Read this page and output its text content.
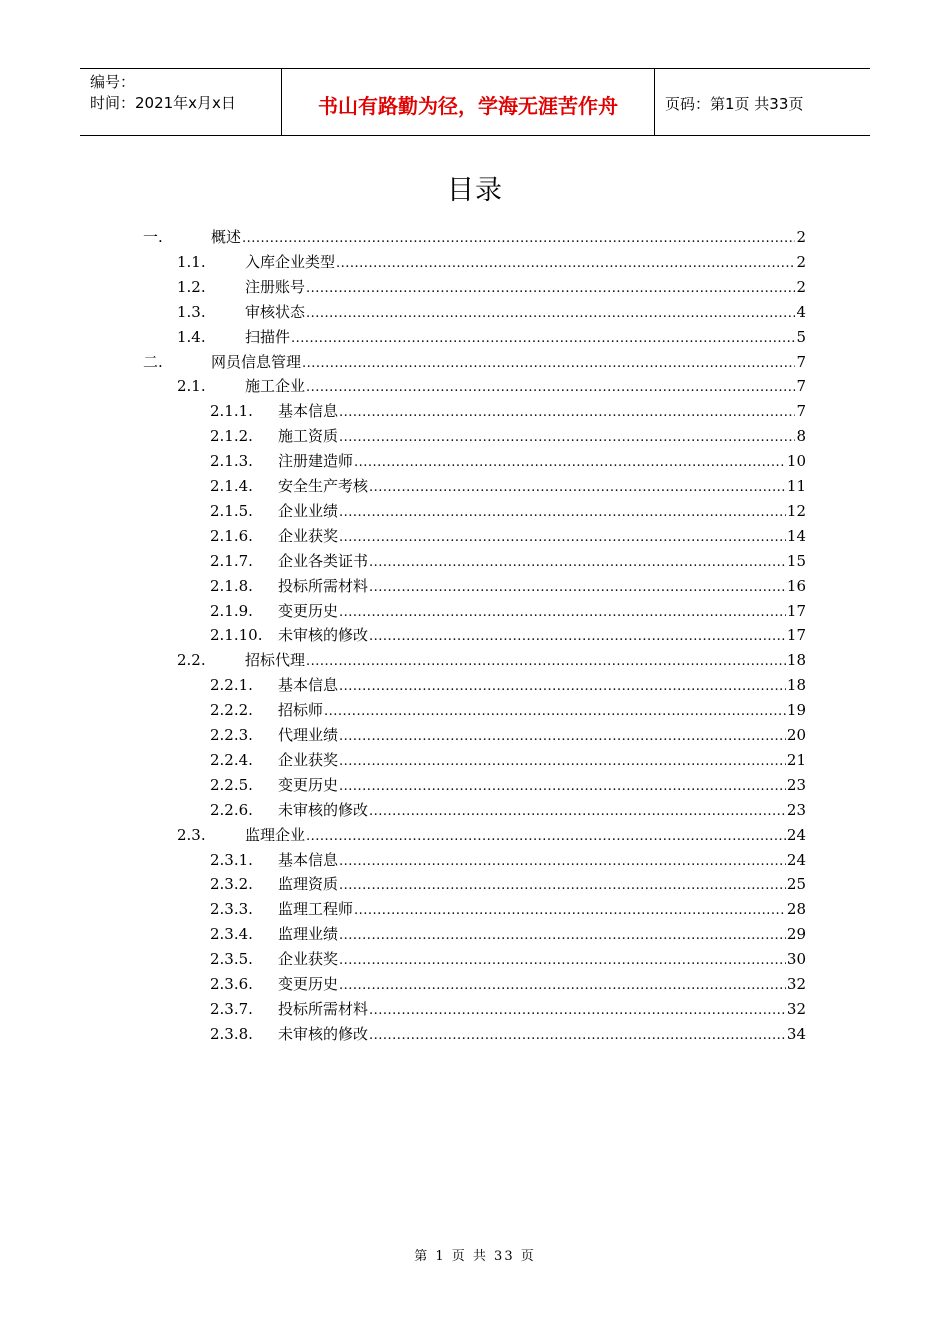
编号：
时间：2021年x月x日	书山有路勤为径，学海无涯苦作舟	页码：第1页 共33页
目录
一.	概述 .....	2
1.1.	入库企业类型 .....	2
1.2.	注册账号 .....	2
1.3.	审核状态 .....	4
1.4.	扫描件 .....	5
二.	网员信息管理 .....	7
2.1.	施工企业 .....	7
2.1.1.	基本信息 .....	7
2.1.2.	施工资质 .....	8
2.1.3.	注册建造师 .....	10
2.1.4.	安全生产考核 .....	11
2.1.5.	企业业绩 .....	12
2.1.6.	企业获奖 .....	14
2.1.7.	企业各类证书 .....	15
2.1.8.	投标所需材料 .....	16
2.1.9.	变更历史 .....	17
2.1.10.	未审核的修改 .....	17
2.2.	招标代理 .....	18
2.2.1.	基本信息 .....	18
2.2.2.	招标师 .....	19
2.2.3.	代理业绩 .....	20
2.2.4.	企业获奖 .....	21
2.2.5.	变更历史 .....	23
2.2.6.	未审核的修改 .....	23
2.3.	监理企业 .....	24
2.3.1.	基本信息 .....	24
2.3.2.	监理资质 .....	25
2.3.3.	监理工程师 .....	28
2.3.4.	监理业绩 .....	29
2.3.5.	企业获奖 .....	30
2.3.6.	变更历史 .....	32
2.3.7.	投标所需材料 .....	32
2.3.8.	未审核的修改 .....	34
第 1 页 共 33 页
